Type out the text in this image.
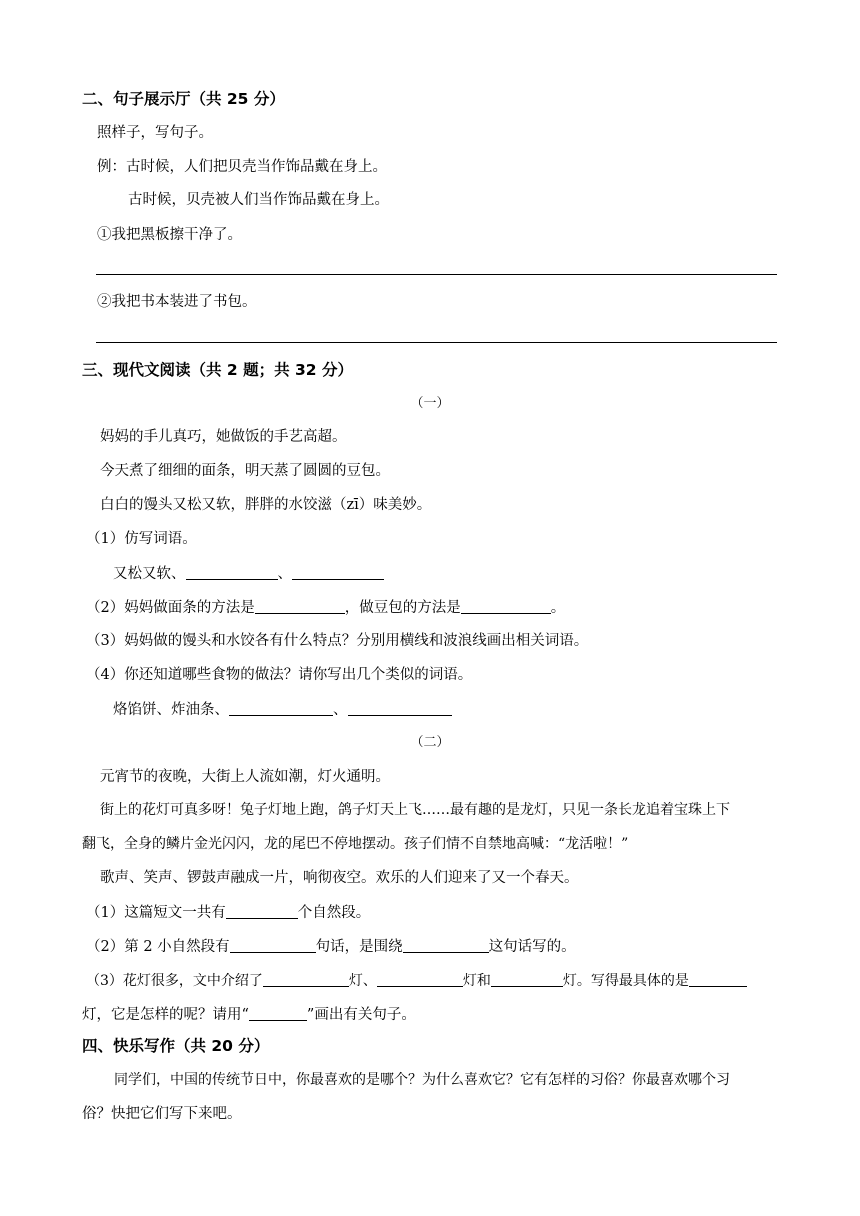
二、句子展示厅（共 25 分）
照样子，写句子。
例：古时候，人们把贝壳当作饰品戴在身上。
古时候，贝壳被人们当作饰品戴在身上。
①我把黑板擦干净了。
②我把书本装进了书包。
三、现代文阅读（共 2 题；共 32 分）
（一）
妈妈的手儿真巧，她做饭的手艺高超。
今天煮了细细的面条，明天蒸了圆圆的豆包。
白白的馒头又松又软，胖胖的水饺滋（zī）味美妙。
（1）仿写词语。
又松又软、	、
（2）妈妈做面条的方法是	，做豆包的方法是	。
（3）妈妈做的馒头和水饺各有什么特点？分别用横线和波浪线画出相关词语。
（4）你还知道哪些食物的做法？请你写出几个类似的词语。
烙馅饼、炸油条、	、
（二）
元宵节的夜晚，大街上人流如潮，灯火通明。
街上的花灯可真多呀！兔子灯地上跑，鸽子灯天上飞……最有趣的是龙灯，只见一条长龙追着宝珠上下
翻飞，全身的鳞片金光闪闪，龙的尾巴不停地摆动。孩子们情不自禁地高喊：“龙活啦！”
歌声、笑声、锣鼓声融成一片，响彻夜空。欢乐的人们迎来了又一个春天。
（1）这篇短文一共有	个自然段。
（2）第 2 小自然段有	句话，是围绕	这句话写的。
（3）花灯很多，文中介绍了	灯、	灯和	灯。写得最具体的是
灯，它是怎样的呢？请用“	”画出有关句子。
四、快乐写作（共 20 分）
同学们，中国的传统节日中，你最喜欢的是哪个？为什么喜欢它？它有怎样的习俗？你最喜欢哪个习
俗？快把它们写下来吧。
